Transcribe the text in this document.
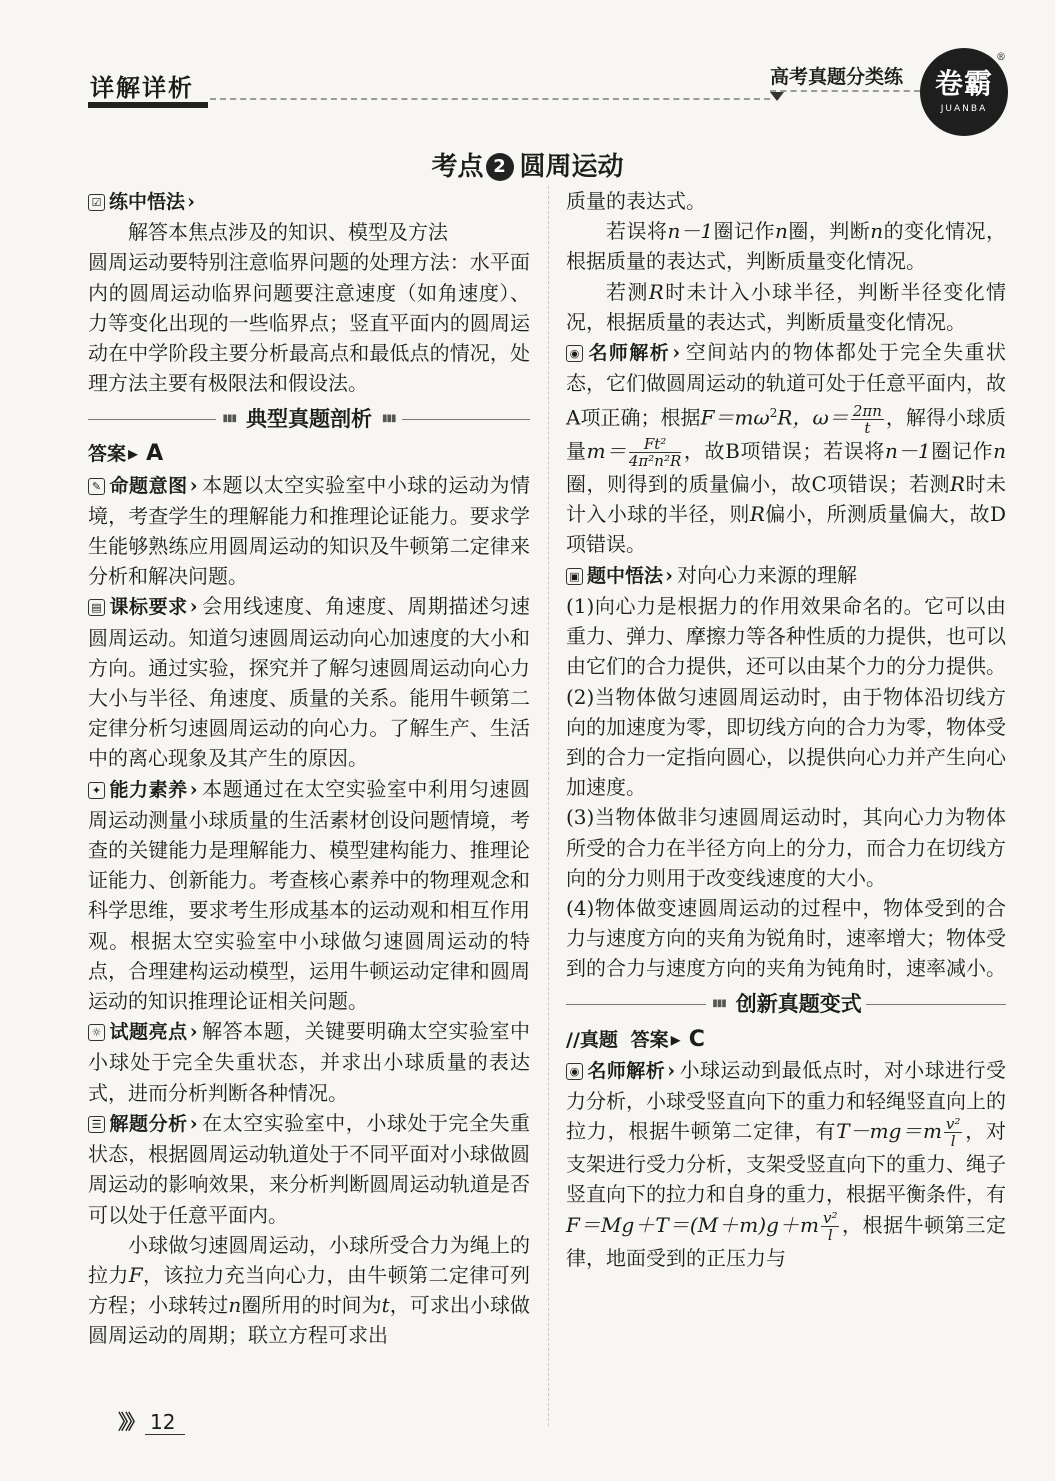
详解详析	高考真题分类练	卷霸
JUANBA
®
考点 2 圆周运动

☑ 练中悟法 ›

解答本焦点涉及的知识、模型及方法

圆周运动要特别注意临界问题的处理方法：水平面内的圆周运动临界问题要注意速度（如角速度）、力等变化出现的一些临界点；竖直平面内的圆周运动在中学阶段主要分析最高点和最低点的情况，处理方法主要有极限法和假设法。

▮▮▮ 典型真题剖析	▮▮▮

答案 ▸ A

✎ 命题意图 › 本题以太空实验室中小球的运动为情境，考查学生的理解能力和推理论证能力。要求学生能够熟练应用圆周运动的知识及牛顿第二定律来分析和解决问题。

▤ 课标要求 › 会用线速度、角速度、周期描述匀速圆周运动。知道匀速圆周运动向心加速度的大小和方向。通过实验，探究并了解匀速圆周运动向心力大小与半径、角速度、质量的关系。能用牛顿第二定律分析匀速圆周运动的向心力。了解生产、生活中的离心现象及其产生的原因。

✦ 能力素养 › 本题通过在太空实验室中利用匀速圆周运动测量小球质量的生活素材创设问题情境，考查的关键能力是理解能力、模型建构能力、推理论证能力、创新能力。考查核心素养中的物理观念和科学思维，要求考生形成基本的运动观和相互作用观。根据太空实验室中小球做匀速圆周运动的特点，合理建构运动模型，运用牛顿运动定律和圆周运动的知识推理论证相关问题。

☼ 试题亮点 › 解答本题，关键要明确太空实验室中小球处于完全失重状态，并求出小球质量的表达式，进而分析判断各种情况。

☰ 解题分析 › 在太空实验室中，小球处于完全失重状态，根据圆周运动轨道处于不同平面对小球做圆周运动的影响效果，来分析判断圆周运动轨道是否可以处于任意平面内。

小球做匀速圆周运动，小球所受合力为绳上的拉力F，该拉力充当向心力，由牛顿第二定律可列方程；小球转过n圈所用的时间为t，可求出小球做圆周运动的周期；联立方程可求出

质量的表达式。

若误将n－1圈记作n圈，判断n的变化情况，根据质量的表达式，判断质量变化情况。

若测R时未计入小球半径，判断半径变化情况，根据质量的表达式，判断质量变化情况。

◉ 名师解析 › 空间站内的物体都处于完全失重状态，它们做圆周运动的轨道可处于任意平面内，故A项正确；根据$F=m\omega^2R$，$\omega= \frac{2\pi n}{t}$ ，解得小球质量$m= \frac{\text{Ft²}}{\text{4π²n²R}}$ ，故B项错误；若误将n－1圈记作n圈，则得到的质量偏小，故C项错误；若测R时未计入小球的半径，则R偏小，所测质量偏大，故D项错误。

▣ 题中悟法 › 对向心力来源的理解

(1)向心力是根据力的作用效果命名的。它可以由重力、弹力、摩擦力等各种性质的力提供，也可以由它们的合力提供，还可以由某个力的分力提供。

(2)当物体做匀速圆周运动时，由于物体沿切线方向的加速度为零，即切线方向的合力为零，物体受到的合力一定指向圆心，以提供向心力并产生向心加速度。

(3)当物体做非匀速圆周运动时，其向心力为物体所受的合力在半径方向上的分力，而合力在切线方向的分力则用于改变线速度的大小。

(4)物体做变速圆周运动的过程中，物体受到的合力与速度方向的夹角为锐角时，速率增大；物体受到的合力与速度方向的夹角为钝角时，速率减小。

▮▮▮ 创新真题变式

//真题 答案 ▸ C

◉ 名师解析 › 小球运动到最低点时，对小球进行受力分析，小球受竖直向下的重力和轻绳竖直向上的拉力，根据牛顿第二定律，有$T-mg=m \frac{\text{v²}}{l}$ ，对支架进行受力分析，支架受竖直向下的重力、绳子竖直向下的拉力和自身的重力，根据平衡条件，有$F=Mg+T=(M+m)g+m \frac{\text{v²}}{l}$ ，根据牛顿第三定律，地面受到的正压力与

》》 12
